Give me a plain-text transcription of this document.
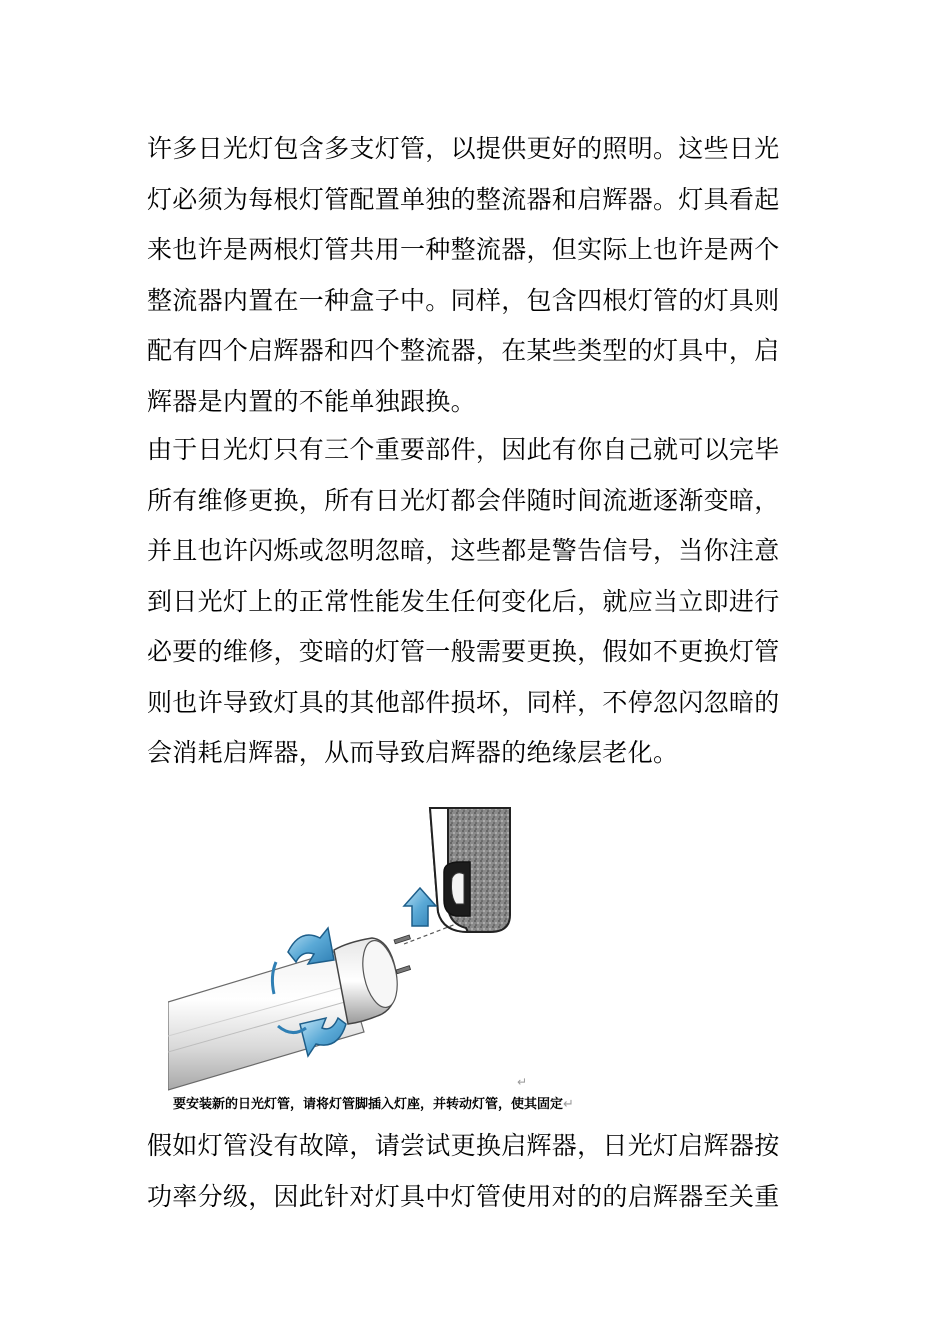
许多日光灯包含多支灯管，以提供更好的照明。这些日光
灯必须为每根灯管配置单独的整流器和启辉器。灯具看起
来也许是两根灯管共用一种整流器，但实际上也许是两个
整流器内置在一种盒子中。同样，包含四根灯管的灯具则
配有四个启辉器和四个整流器，在某些类型的灯具中，启
辉器是内置的不能单独跟换。
由于日光灯只有三个重要部件，因此有你自己就可以完毕
所有维修更换，所有日光灯都会伴随时间流逝逐渐变暗，
并且也许闪烁或忽明忽暗，这些都是警告信号，当你注意
到日光灯上的正常性能发生任何变化后，就应当立即进行
必要的维修，变暗的灯管一般需要更换，假如不更换灯管
则也许导致灯具的其他部件损坏，同样，不停忽闪忽暗的
会消耗启辉器，从而导致启辉器的绝缘层老化。
↵
要安装新的日光灯管，请将灯管脚插入灯座，并转动灯管，使其固定↵
假如灯管没有故障，请尝试更换启辉器，日光灯启辉器按
功率分级，因此针对灯具中灯管使用对的的启辉器至关重
